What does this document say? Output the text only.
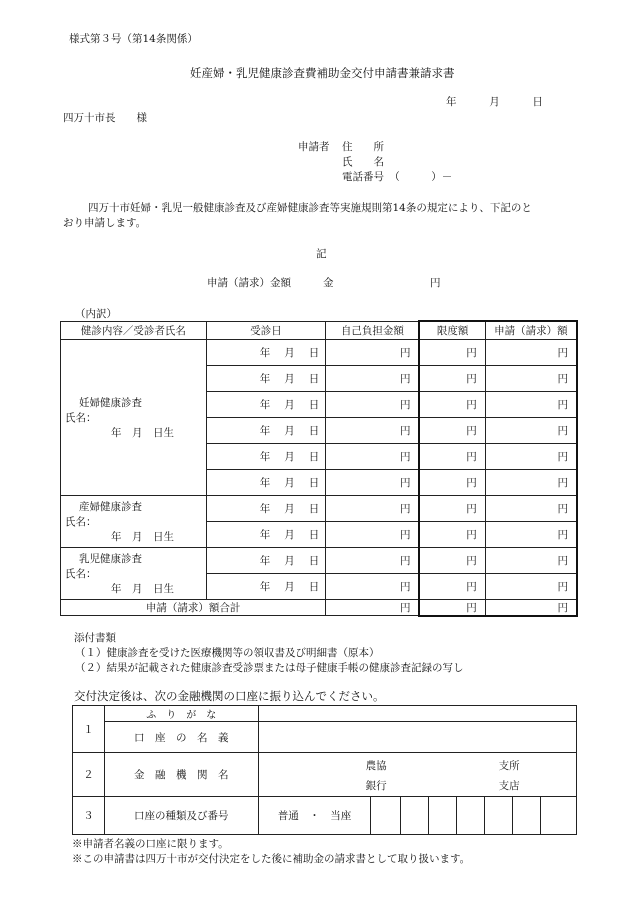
様式第３号（第14条関係）
妊産婦・乳児健康診査費補助金交付申請書兼請求書
年	月	日
四万十市長　　様
申請者 住　　所
氏　　名
電話番号　（　　　）－
四万十市妊婦・乳児一般健康診査及び産婦健康診査等実施規則第14条の規定により、下記のと
おり申請します。
記
申請（請求）金額	金	円
（内訳）
健診内容／受診者氏名	受診日	自己負担金額	限度額	申請（請求）額

妊婦健康診査
氏名：
年　月　日生	年 月 日	円	円	円
	年 月 日	円	円	円
	年 月 日	円	円	円
	年 月 日	円	円	円
	年 月 日	円	円	円
	年 月 日	円	円	円

産婦健康診査
氏名：
年　月　日生	年 月 日	円	円	円
	年 月 日	円	円	円

乳児健康診査
氏名：
年　月　日生	年 月 日	円	円	円
	年 月 日	円	円	円
申請（請求）額合計		円	円	円
添付書類
（１）健康診査を受けた医療機関等の領収書及び明細書（原本）
（２）結果が記載された健康診査受診票または母子健康手帳の健康診査記録の写し
交付決定後は、次の金融機関の口座に振り込んでください。
１	ふ　り　が　な								
	口　座　の　名　義								
２	金　融　機　関　名	農協
銀行
支所
支店							

３	口座の種類及び番号	普通　・　当座							
※申請者名義の口座に限ります。
※この申請書は四万十市が交付決定をした後に補助金の請求書として取り扱います。
